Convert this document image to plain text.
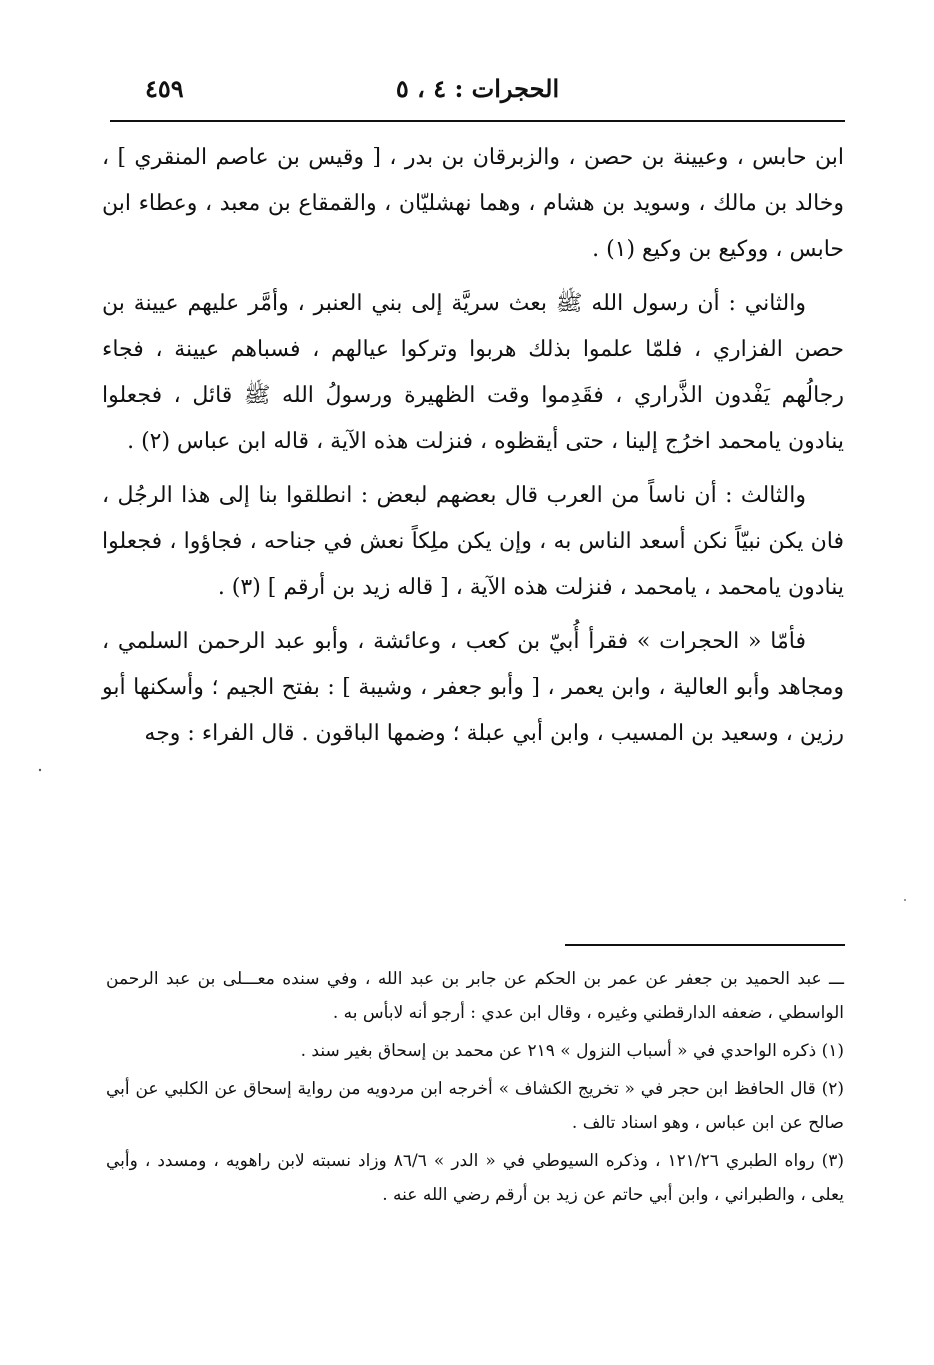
الحجرات : ٤ ، ٥
٤٥٩

ابن حابس ، وعيينة بن حصن ، والزبرقان بن بدر ، [ وقيس بن عاصم المنقري ] ، وخالد بن مالك ، وسويد بن هشام ، وهما نهشليّان ، والقمقاع بن معبد ، وعطاء ابن حابس ، ووكيع بن وكيع (١) .

والثاني : أن رسول الله ﷺ بعث سريَّة إلى بني العنبر ، وأمَّر عليهم عيينة بن حصن الفزاري ، فلمّا علموا بذلك هربوا وتركوا عيالهم ، فسباهم عيينة ، فجاء رجالُهم يَفْدون الذَّراري ، فقَدِموا وقت الظهيرة ورسولُ الله ﷺ قائل ، فجعلوا ينادون يامحمد اخرُج إلينا ، حتى أيقظوه ، فنزلت هذه الآية ، قاله ابن عباس (٢) .

والثالث : أن ناساً من العرب قال بعضهم لبعض : انطلقوا بنا إلى هذا الرجُل ، فان يكن نبيّاً نكن أسعد الناس به ، وإن يكن ملِكاً نعش في جناحه ، فجاؤوا ، فجعلوا ينادون يامحمد ، يامحمد ، فنزلت هذه الآية ، [ قاله زيد بن أرقم ] (٣) .

فأمّا « الحجرات » فقرأ أُبيّ بن كعب ، وعائشة ، وأبو عبد الرحمن السلمي ، ومجاهد وأبو العالية ، وابن يعمر ، [ وأبو جعفر ، وشيبة ] : بفتح الجيم ؛ وأسكنها أبو رزين ، وسعيد بن المسيب ، وابن أبي عبلة ؛ وضمها الباقون . قال الفراء : وجه

ـــ عبد الحميد بن جعفر عن عمر بن الحكم عن جابر بن عبد الله ، وفي سنده معـــلى بن عبد الرحمن الواسطي ، ضعفه الدارقطني وغيره ، وقال ابن عدي : أرجو أنه لابأس به .

(١) ذكره الواحدي في « أسباب النزول » ٢١٩ عن محمد بن إسحاق بغير سند .

(٢) قال الحافظ ابن حجر في « تخريج الكشاف » أخرجه ابن مردويه من رواية إسحاق عن الكلبي عن أبي صالح عن ابن عباس ، وهو اسناد تالف .

(٣) رواه الطبري ١٢١/٢٦ ، وذكره السيوطي في « الدر » ٨٦/٦ وزاد نسبته لابن راهويه ، ومسدد ، وأبي يعلى ، والطبراني ، وابن أبي حاتم عن زيد بن أرقم رضي الله عنه .
